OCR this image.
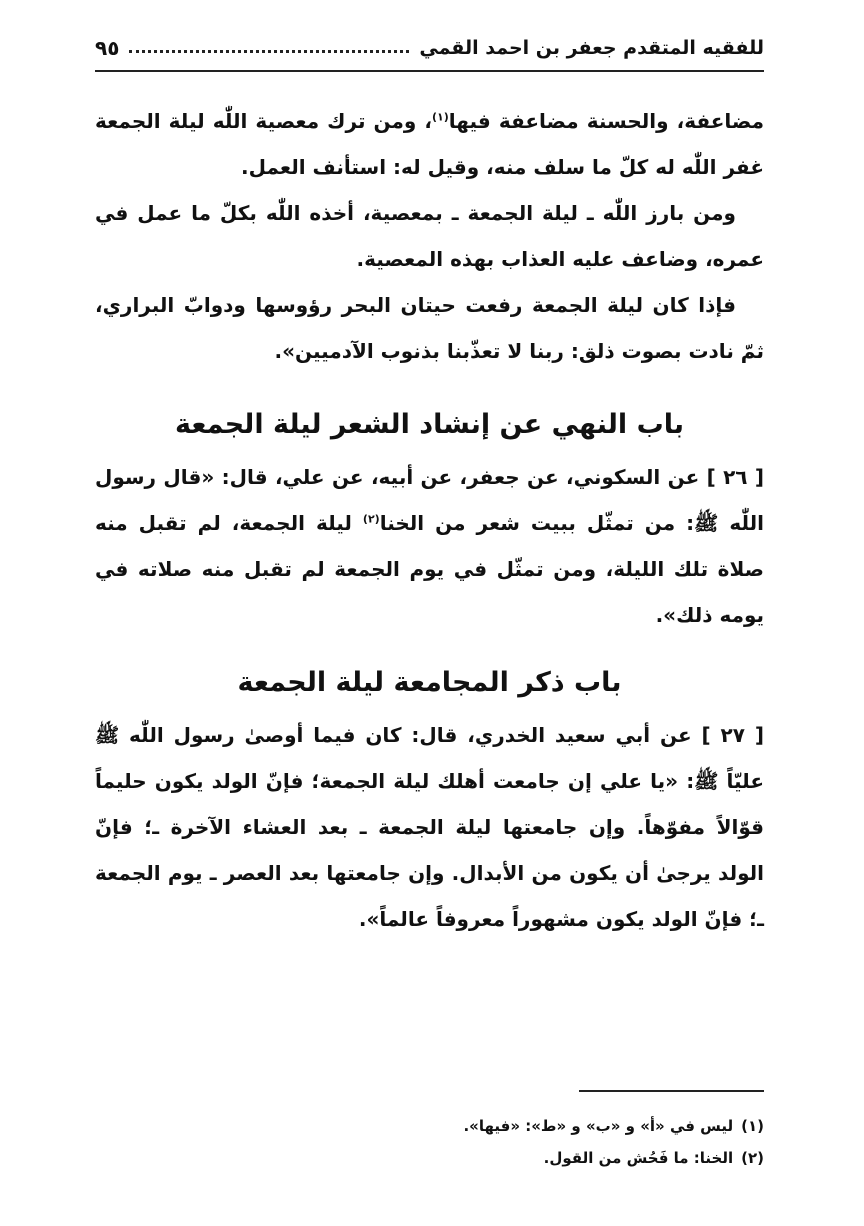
للفقيه المتقدم جعفر بن احمد القمي
٩٥

مضاعفة، والحسنة مضاعفة فيها$^{(١)}$، ومن ترك معصية اللّٰه ليلة الجمعة غفر اللّٰه له كلّ ما سلف منه، وقيل له: استأنف العمل.

ومن بارز اللّٰه ـ ليلة الجمعة ـ بمعصية، أخذه اللّٰه بكلّ ما عمل في عمره، وضاعف عليه العذاب بهذه المعصية.

فإذا كان ليلة الجمعة رفعت حيتان البحر رؤوسها ودوابّ البراري، ثمّ نادت بصوت ذلق: ربنا لا تعذّبنا بذنوب الآدميين».

باب النهي عن إنشاد الشعر ليلة الجمعة

[ ٢٦ ] عن السكوني، عن جعفر، عن أبيه، عن علي، قال: «قال رسول اللّٰه ﷺ: من تمثّل ببيت شعر من الخنا$^{(٢)}$ ليلة الجمعة، لم تقبل منه صلاة تلك الليلة، ومن تمثّل في يوم الجمعة لم تقبل منه صلاته في يومه ذلك».

باب ذكر المجامعة ليلة الجمعة

[ ٢٧ ] عن أبي سعيد الخدري، قال: كان فيما أوصىٰ رسول اللّٰه ﷺ عليّاً ﷺ: «يا علي إن جامعت أهلك ليلة الجمعة؛ فإنّ الولد يكون حليماً قوّالاً مفوّهاً. وإن جامعتها ليلة الجمعة ـ بعد العشاء الآخرة ـ؛ فإنّ الولد يرجىٰ أن يكون من الأبدال. وإن جامعتها بعد العصر ـ يوم الجمعة ـ؛ فإنّ الولد يكون مشهوراً معروفاً عالماً».

(١)ليس في «أ» و «ب» و «ط»: «فيها».
(٢)الخنا: ما فَحُش من القول.
